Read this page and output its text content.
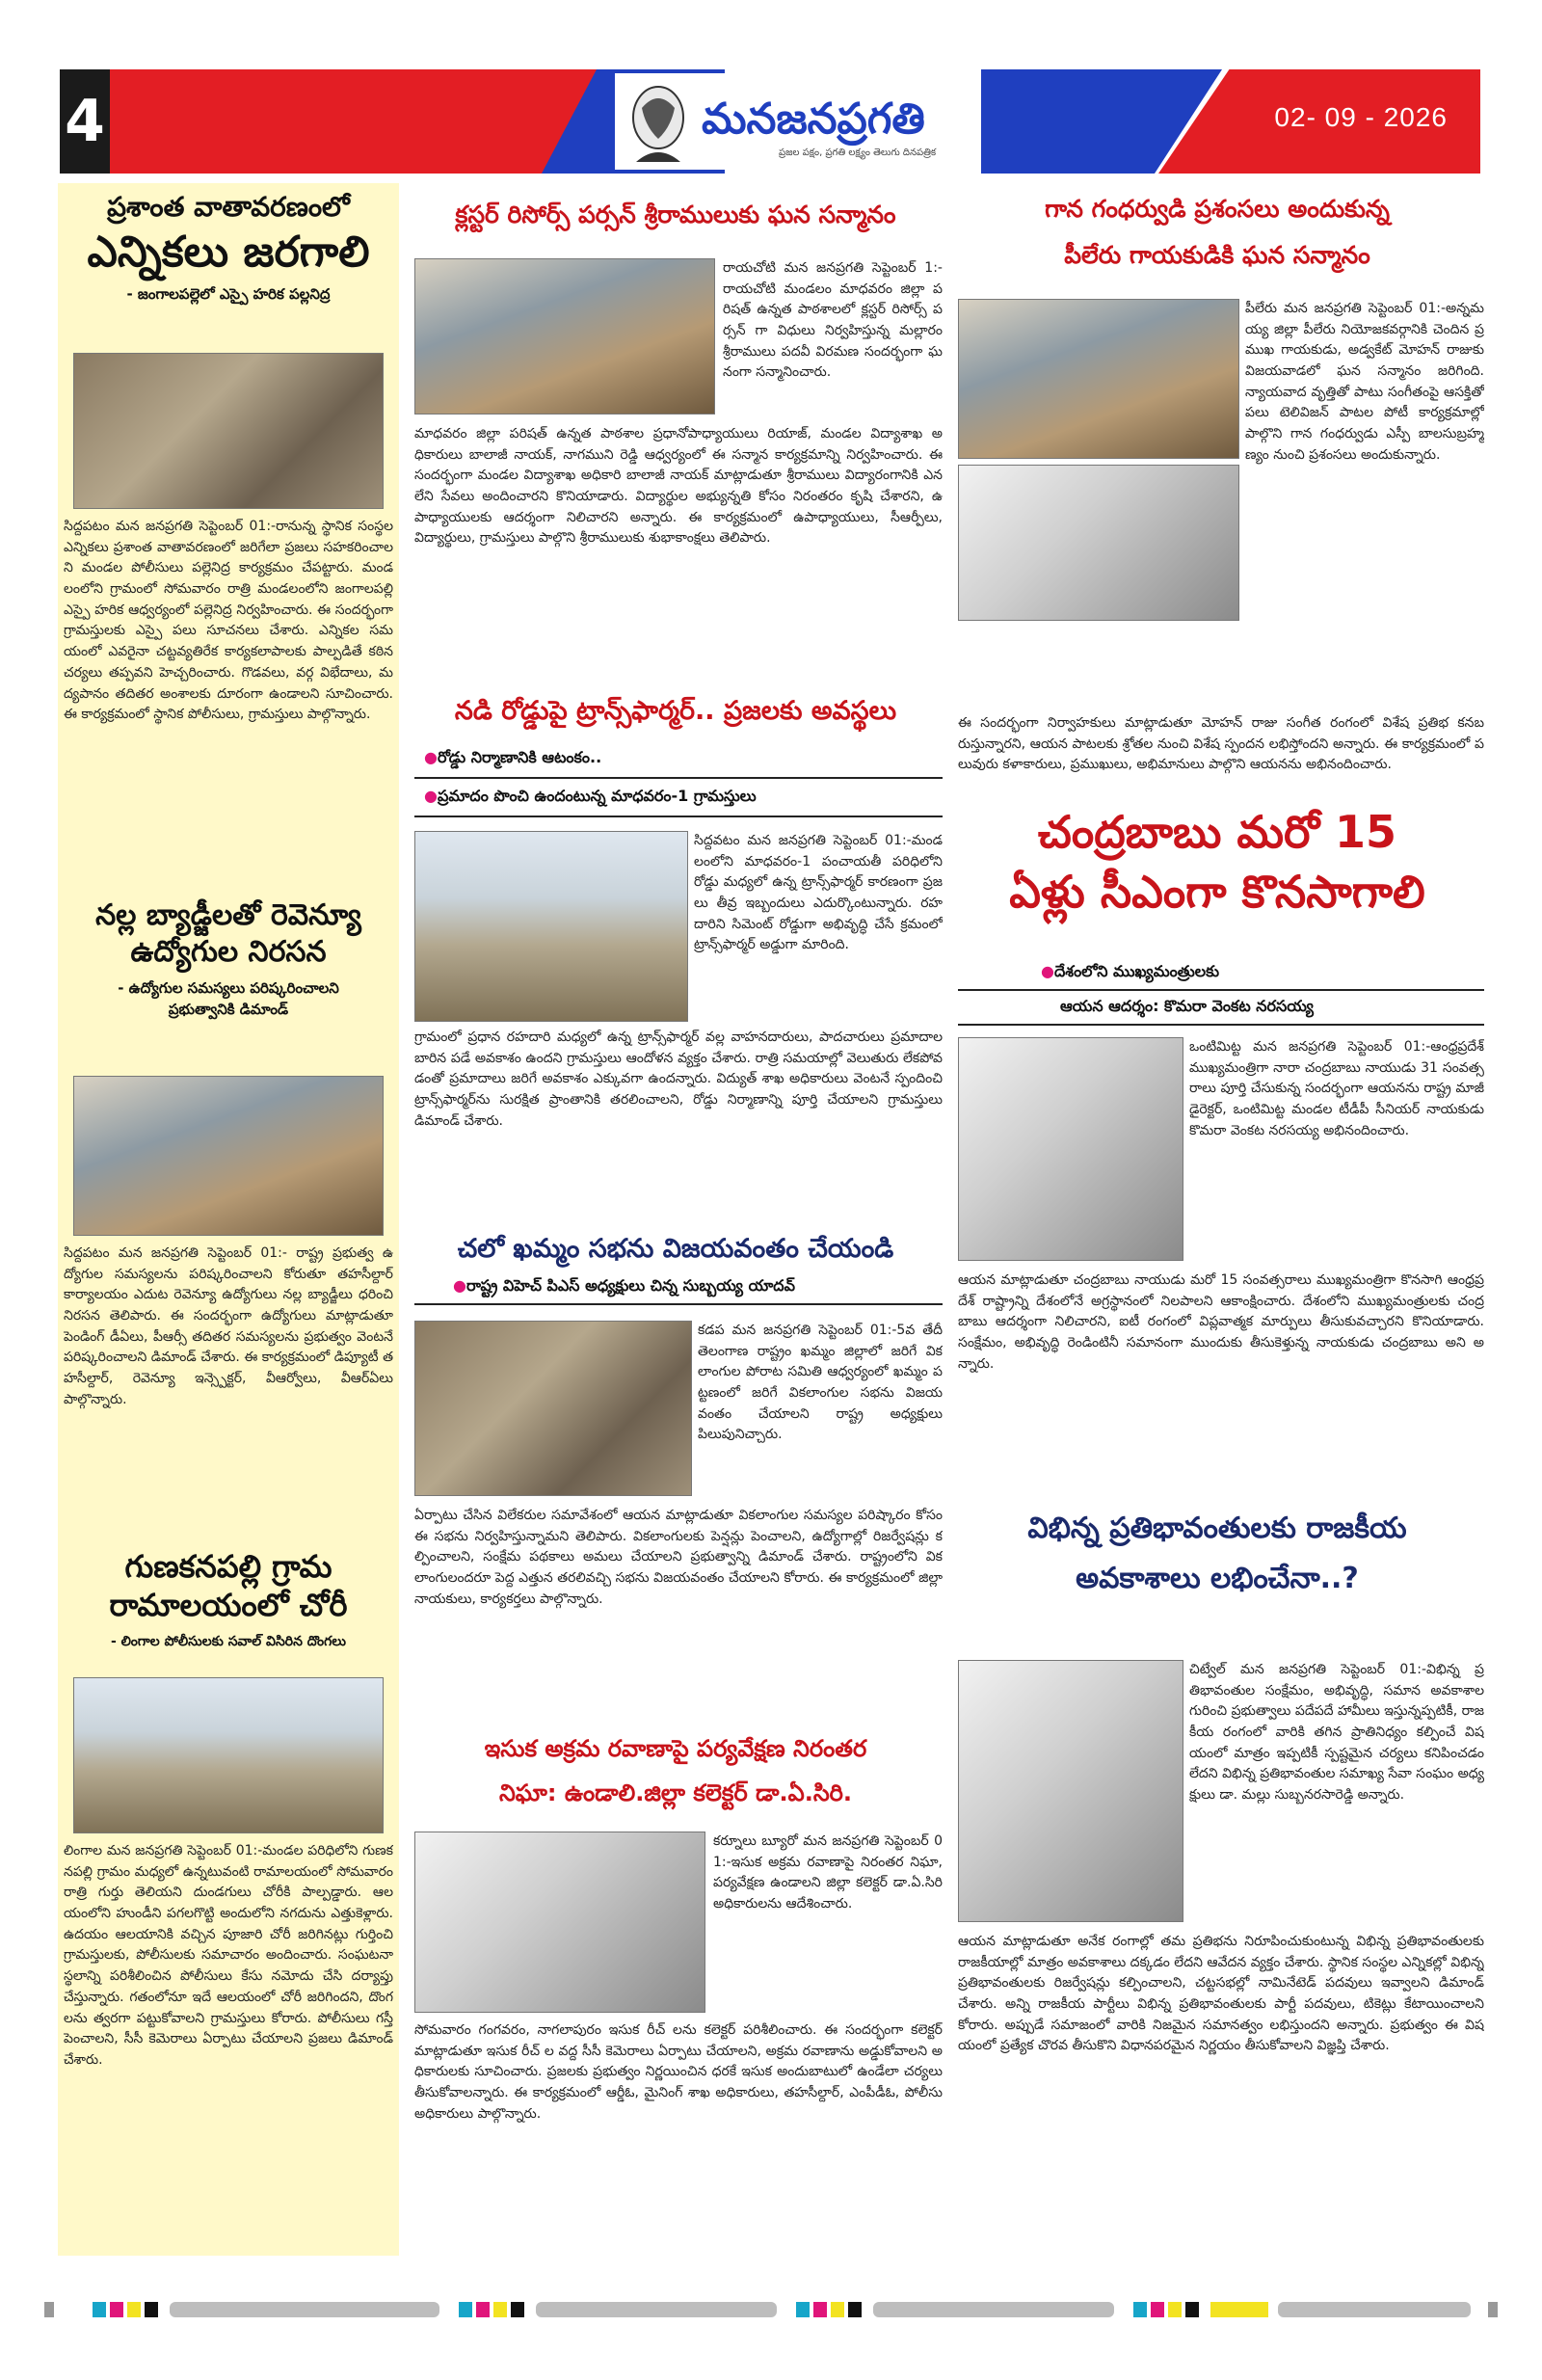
4	మనజనప్రగతి
ప్రజల పక్షం, ప్రగతి లక్ష్యం తెలుగు దినపత్రిక
02- 09 - 2026
ప్రశాంత వాతావరణంలో
ఎన్నికలు జరగాలి
- జంగాలపల్లెలో ఎస్పై హరిక పల్లనిద్ర
సిద్దపటం మన జనప్రగతి సెప్టెంబర్ 01:-రానున్న స్థానిక సంస్థల ఎన్నికలు ప్రశాంత వాతావరణంలో జరిగేలా ప్రజలు సహకరించాలని మండల పోలీసులు పల్లెనిద్ర కార్యక్రమం చేపట్టారు. మండలంలోని గ్రామంలో సోమవారం రాత్రి మండలంలోని జంగాలపల్లి ఎస్పై హరిక ఆధ్వర్యంలో పల్లెనిద్ర నిర్వహించారు. ఈ సందర్భంగా గ్రామస్తులకు ఎస్పై పలు సూచనలు చేశారు. ఎన్నికల సమయంలో ఎవరైనా చట్టవ్యతిరేక కార్యకలాపాలకు పాల్పడితే కఠిన చర్యలు తప్పవని హెచ్చరించారు. గొడవలు, వర్గ విభేదాలు, మద్యపానం తదితర అంశాలకు దూరంగా ఉండాలని సూచించారు. ఈ కార్యక్రమంలో స్థానిక పోలీసులు, గ్రామస్తులు పాల్గొన్నారు.
నల్ల బ్యాడ్జీలతో రెవెన్యూ
ఉద్యోగుల నిరసన
- ఉద్యోగుల సమస్యలు పరిష్కరించాలని
ప్రభుత్వానికి డిమాండ్
సిద్దపటం మన జనప్రగతి సెప్టెంబర్ 01:- రాష్ట్ర ప్రభుత్వ ఉద్యోగుల సమస్యలను పరిష్కరించాలని కోరుతూ తహసీల్దార్ కార్యాలయం ఎదుట రెవెన్యూ ఉద్యోగులు నల్ల బ్యాడ్జీలు ధరించి నిరసన తెలిపారు. ఈ సందర్భంగా ఉద్యోగులు మాట్లాడుతూ పెండింగ్ డీఏలు, పీఆర్సీ తదితర సమస్యలను ప్రభుత్వం వెంటనే పరిష్కరించాలని డిమాండ్ చేశారు. ఈ కార్యక్రమంలో డిప్యూటీ తహసీల్దార్, రెవెన్యూ ఇన్స్పెక్టర్, వీఆర్వోలు, వీఆర్ఏలు పాల్గొన్నారు.
గుణకనపల్లి గ్రామ
రామాలయంలో చోరీ
- లింగాల పోలీసులకు సవాల్ విసిరిన దొంగలు
లింగాల మన జనప్రగతి సెప్టెంబర్ 01:-మండల పరిధిలోని గుణకనపల్లి గ్రామం మధ్యలో ఉన్నటువంటి రామాలయంలో సోమవారం రాత్రి గుర్తు తెలియని దుండగులు చోరీకి పాల్పడ్డారు. ఆలయంలోని హుండీని పగలగొట్టి అందులోని నగదును ఎత్తుకెళ్లారు. ఉదయం ఆలయానికి వచ్చిన పూజారి చోరీ జరిగినట్లు గుర్తించి గ్రామస్తులకు, పోలీసులకు సమాచారం అందించారు. సంఘటనా స్థలాన్ని పరిశీలించిన పోలీసులు కేసు నమోదు చేసి దర్యాప్తు చేస్తున్నారు. గతంలోనూ ఇదే ఆలయంలో చోరీ జరిగిందని, దొంగలను త్వరగా పట్టుకోవాలని గ్రామస్తులు కోరారు. పోలీసులు గస్తీ పెంచాలని, సీసీ కెమెరాలు ఏర్పాటు చేయాలని ప్రజలు డిమాండ్ చేశారు.
క్లస్టర్ రిసోర్స్ పర్సన్ శ్రీరాములుకు ఘన సన్మానం
రాయచోటి మన జనప్రగతి సెప్టెంబర్ 1:-రాయచోటి మండలం మాధవరం జిల్లా పరిషత్ ఉన్నత పాఠశాలలో క్లస్టర్ రిసోర్స్ పర్సన్ గా విధులు నిర్వహిస్తున్న మల్లారం శ్రీరాములు పదవీ విరమణ సందర్భంగా ఘనంగా సన్మానించారు.
మాధవరం జిల్లా పరిషత్ ఉన్నత పాఠశాల ప్రధానోపాధ్యాయులు రియాజ్, మండల విద్యాశాఖ అధికారులు బాలాజీ నాయక్, నాగముని రెడ్డి ఆధ్వర్యంలో ఈ సన్మాన కార్యక్రమాన్ని నిర్వహించారు. ఈ సందర్భంగా మండల విద్యాశాఖ అధికారి బాలాజీ నాయక్ మాట్లాడుతూ శ్రీరాములు విద్యారంగానికి ఎనలేని సేవలు అందించారని కొనియాడారు. విద్యార్థుల అభ్యున్నతి కోసం నిరంతరం కృషి చేశారని, ఉపాధ్యాయులకు ఆదర్శంగా నిలిచారని అన్నారు. ఈ కార్యక్రమంలో ఉపాధ్యాయులు, సీఆర్పీలు, విద్యార్థులు, గ్రామస్తులు పాల్గొని శ్రీరాములుకు శుభాకాంక్షలు తెలిపారు.
నడి రోడ్డుపై ట్రాన్స్‌ఫార్మర్.. ప్రజలకు అవస్థలు
●రోడ్డు నిర్మాణానికి ఆటంకం..
●ప్రమాదం పొంచి ఉందంటున్న మాధవరం-1 గ్రామస్తులు
సిద్దవటం మన జనప్రగతి సెప్టెంబర్ 01:-మండలంలోని మాధవరం-1 పంచాయతీ పరిధిలోని రోడ్డు మధ్యలో ఉన్న ట్రాన్స్‌ఫార్మర్ కారణంగా ప్రజలు తీవ్ర ఇబ్బందులు ఎదుర్కొంటున్నారు. రహదారిని సిమెంట్ రోడ్డుగా అభివృద్ధి చేసే క్రమంలో ట్రాన్స్‌ఫార్మర్ అడ్డుగా మారింది.
గ్రామంలో ప్రధాన రహదారి మధ్యలో ఉన్న ట్రాన్స్‌ఫార్మర్ వల్ల వాహనదారులు, పాదచారులు ప్రమాదాల బారిన పడే అవకాశం ఉందని గ్రామస్తులు ఆందోళన వ్యక్తం చేశారు. రాత్రి సమయాల్లో వెలుతురు లేకపోవడంతో ప్రమాదాలు జరిగే అవకాశం ఎక్కువగా ఉందన్నారు. విద్యుత్ శాఖ అధికారులు వెంటనే స్పందించి ట్రాన్స్‌ఫార్మర్‌ను సురక్షిత ప్రాంతానికి తరలించాలని, రోడ్డు నిర్మాణాన్ని పూర్తి చేయాలని గ్రామస్తులు డిమాండ్ చేశారు.
చలో ఖమ్మం సభను విజయవంతం చేయండి
●రాష్ట్ర విహెచ్ పిఎస్ అధ్యక్షులు చిన్న సుబ్బయ్య యాదవ్
కడప మన జనప్రగతి సెప్టెంబర్ 01:-5వ తేదీ తెలంగాణ రాష్ట్రం ఖమ్మం జిల్లాలో జరిగే వికలాంగుల పోరాట సమితి ఆధ్వర్యంలో ఖమ్మం పట్టణంలో జరిగే వికలాంగుల సభను విజయవంతం చేయాలని రాష్ట్ర అధ్యక్షులు పిలుపునిచ్చారు.
ఏర్పాటు చేసిన విలేకరుల సమావేశంలో ఆయన మాట్లాడుతూ వికలాంగుల సమస్యల పరిష్కారం కోసం ఈ సభను నిర్వహిస్తున్నామని తెలిపారు. వికలాంగులకు పెన్షన్లు పెంచాలని, ఉద్యోగాల్లో రిజర్వేషన్లు కల్పించాలని, సంక్షేమ పథకాలు అమలు చేయాలని ప్రభుత్వాన్ని డిమాండ్ చేశారు. రాష్ట్రంలోని వికలాంగులందరూ పెద్ద ఎత్తున తరలివచ్చి సభను విజయవంతం చేయాలని కోరారు. ఈ కార్యక్రమంలో జిల్లా నాయకులు, కార్యకర్తలు పాల్గొన్నారు.
ఇసుక అక్రమ రవాణాపై పర్యవేక్షణ నిరంతర
నిఘా: ఉండాలి.జిల్లా కలెక్టర్ డా.ఏ.సిరి.
కర్నూలు బ్యూరో మన జనప్రగతి సెప్టెంబర్ 01:-ఇసుక అక్రమ రవాణాపై నిరంతర నిఘా, పర్యవేక్షణ ఉండాలని జిల్లా కలెక్టర్ డా.ఏ.సిరి అధికారులను ఆదేశించారు.
సోమవారం గంగవరం, నాగలాపురం ఇసుక రీచ్ లను కలెక్టర్ పరిశీలించారు. ఈ సందర్భంగా కలెక్టర్ మాట్లాడుతూ ఇసుక రీచ్ ల వద్ద సీసీ కెమెరాలు ఏర్పాటు చేయాలని, అక్రమ రవాణాను అడ్డుకోవాలని అధికారులకు సూచించారు. ప్రజలకు ప్రభుత్వం నిర్ణయించిన ధరకే ఇసుక అందుబాటులో ఉండేలా చర్యలు తీసుకోవాలన్నారు. ఈ కార్యక్రమంలో ఆర్డీఓ, మైనింగ్ శాఖ అధికారులు, తహసీల్దార్, ఎంపీడీఓ, పోలీసు అధికారులు పాల్గొన్నారు.
గాన గంధర్వుడి ప్రశంసలు అందుకున్న
పీలేరు గాయకుడికి ఘన సన్మానం
పీలేరు మన జనప్రగతి సెప్టెంబర్ 01:-అన్నమయ్య జిల్లా పీలేరు నియోజకవర్గానికి చెందిన ప్రముఖ గాయకుడు, అడ్వకేట్ మోహన్ రాజుకు విజయవాడలో ఘన సన్మానం జరిగింది. న్యాయవాద వృత్తితో పాటు సంగీతంపై ఆసక్తితో పలు టెలివిజన్ పాటల పోటీ కార్యక్రమాల్లో పాల్గొని గాన గంధర్వుడు ఎస్పీ బాలసుబ్రహ్మణ్యం నుంచి ప్రశంసలు అందుకున్నారు.
ఈ సందర్భంగా నిర్వాహకులు మాట్లాడుతూ మోహన్ రాజు సంగీత రంగంలో విశేష ప్రతిభ కనబరుస్తున్నారని, ఆయన పాటలకు శ్రోతల నుంచి విశేష స్పందన లభిస్తోందని అన్నారు. ఈ కార్యక్రమంలో పలువురు కళాకారులు, ప్రముఖులు, అభిమానులు పాల్గొని ఆయనను అభినందించారు.
చంద్రబాబు మరో 15
ఏళ్లు సీఎంగా కొనసాగాలి
●దేశంలోని ముఖ్యమంత్రులకు
ఆయన ఆదర్శం: కొమరా వెంకట నరసయ్య
ఒంటిమిట్ట మన జనప్రగతి సెప్టెంబర్ 01:-ఆంధ్రప్రదేశ్ ముఖ్యమంత్రిగా నారా చంద్రబాబు నాయుడు 31 సంవత్సరాలు పూర్తి చేసుకున్న సందర్భంగా ఆయనను రాష్ట్ర మాజీ డైరెక్టర్, ఒంటిమిట్ట మండల టీడీపీ సీనియర్ నాయకుడు కొమరా వెంకట నరసయ్య అభినందించారు.
ఆయన మాట్లాడుతూ చంద్రబాబు నాయుడు మరో 15 సంవత్సరాలు ముఖ్యమంత్రిగా కొనసాగి ఆంధ్రప్రదేశ్ రాష్ట్రాన్ని దేశంలోనే అగ్రస్థానంలో నిలపాలని ఆకాంక్షించారు. దేశంలోని ముఖ్యమంత్రులకు చంద్రబాబు ఆదర్శంగా నిలిచారని, ఐటీ రంగంలో విప్లవాత్మక మార్పులు తీసుకువచ్చారని కొనియాడారు. సంక్షేమం, అభివృద్ధి రెండింటినీ సమానంగా ముందుకు తీసుకెళ్తున్న నాయకుడు చంద్రబాబు అని అన్నారు.
విభిన్న ప్రతిభావంతులకు రాజకీయ
అవకాశాలు లభించేనా..?
చిట్వేల్ మన జనప్రగతి సెప్టెంబర్ 01:-విభిన్న ప్రతిభావంతుల సంక్షేమం, అభివృద్ధి, సమాన అవకాశాల గురించి ప్రభుత్వాలు పదేపదే హామీలు ఇస్తున్నప్పటికీ, రాజకీయ రంగంలో వారికి తగిన ప్రాతినిధ్యం కల్పించే విషయంలో మాత్రం ఇప్పటికీ స్పష్టమైన చర్యలు కనిపించడం లేదని విభిన్న ప్రతిభావంతుల సమాఖ్య సేవా సంఘం అధ్యక్షులు డా. మల్లు సుబ్బనరసారెడ్డి అన్నారు.
ఆయన మాట్లాడుతూ అనేక రంగాల్లో తమ ప్రతిభను నిరూపించుకుంటున్న విభిన్న ప్రతిభావంతులకు రాజకీయాల్లో మాత్రం అవకాశాలు దక్కడం లేదని ఆవేదన వ్యక్తం చేశారు. స్థానిక సంస్థల ఎన్నికల్లో విభిన్న ప్రతిభావంతులకు రిజర్వేషన్లు కల్పించాలని, చట్టసభల్లో నామినేటెడ్ పదవులు ఇవ్వాలని డిమాండ్ చేశారు. అన్ని రాజకీయ పార్టీలు విభిన్న ప్రతిభావంతులకు పార్టీ పదవులు, టికెట్లు కేటాయించాలని కోరారు. అప్పుడే సమాజంలో వారికి నిజమైన సమానత్వం లభిస్తుందని అన్నారు. ప్రభుత్వం ఈ విషయంలో ప్రత్యేక చొరవ తీసుకొని విధానపరమైన నిర్ణయం తీసుకోవాలని విజ్ఞప్తి చేశారు.
